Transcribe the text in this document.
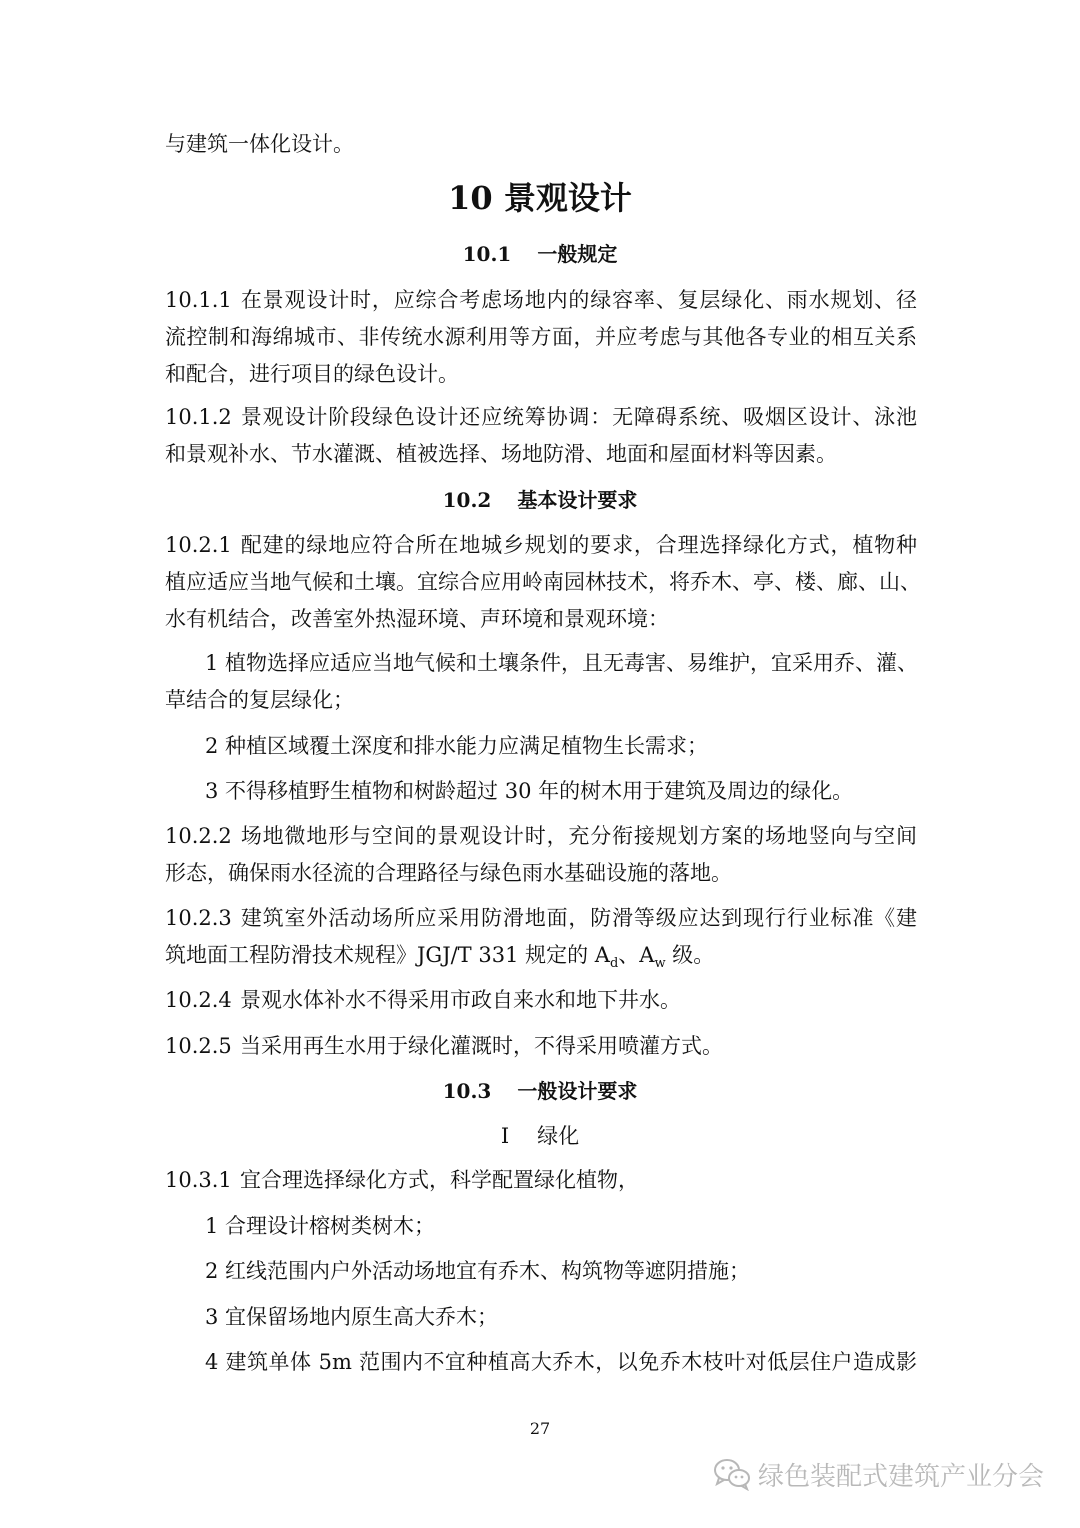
与建筑一体化设计。
10 景观设计
10.1 一般规定
10.1.1 在景观设计时，应综合考虑场地内的绿容率、复层绿化、雨水规划、径
流控制和海绵城市、非传统水源利用等方面，并应考虑与其他各专业的相互关系
和配合，进行项目的绿色设计。
10.1.2 景观设计阶段绿色设计还应统筹协调：无障碍系统、吸烟区设计、泳池
和景观补水、节水灌溉、植被选择、场地防滑、地面和屋面材料等因素。
10.2 基本设计要求
10.2.1 配建的绿地应符合所在地城乡规划的要求，合理选择绿化方式，植物种
植应适应当地气候和土壤。宜综合应用岭南园林技术，将乔木、亭、楼、廊、山、
水有机结合，改善室外热湿环境、声环境和景观环境：
1 植物选择应适应当地气候和土壤条件，且无毒害、易维护，宜采用乔、灌、
草结合的复层绿化；
2 种植区域覆土深度和排水能力应满足植物生长需求；
3 不得移植野生植物和树龄超过 30 年的树木用于建筑及周边的绿化。
10.2.2 场地微地形与空间的景观设计时，充分衔接规划方案的场地竖向与空间
形态，确保雨水径流的合理路径与绿色雨水基础设施的落地。
10.2.3 建筑室外活动场所应采用防滑地面，防滑等级应达到现行行业标准《建
筑地面工程防滑技术规程》JGJ/T 331 规定的 $A_d$、$A_w$ 级。
10.2.4 景观水体补水不得采用市政自来水和地下井水。
10.2.5 当采用再生水用于绿化灌溉时，不得采用喷灌方式。
10.3 一般设计要求
I 绿化
10.3.1 宜合理选择绿化方式，科学配置绿化植物，
1 合理设计榕树类树木；
2 红线范围内户外活动场地宜有乔木、构筑物等遮阴措施；
3 宜保留场地内原生高大乔木；
4 建筑单体 5m 范围内不宜种植高大乔木，以免乔木枝叶对低层住户造成影
27
绿色装配式建筑产业分会
